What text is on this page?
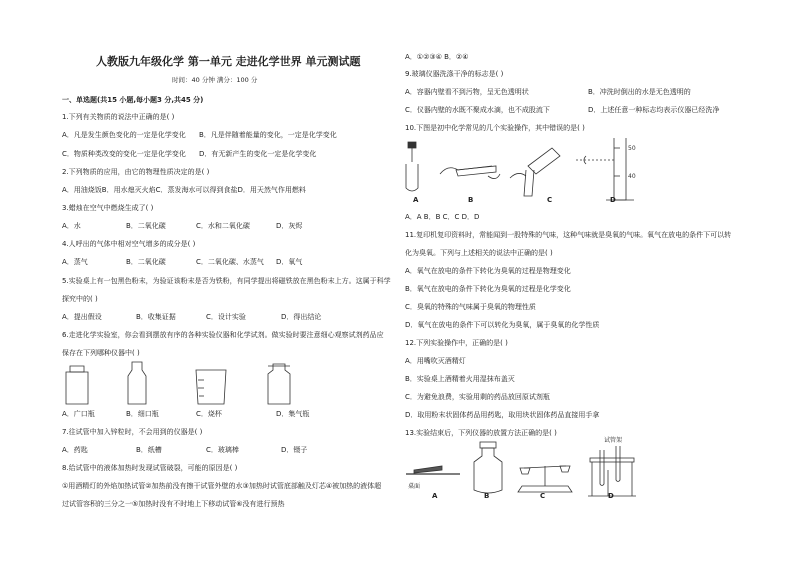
人教版九年级化学 第一单元 走进化学世界 单元测试题
时间：40 分钟 满分：100 分
一、单选题(共15 小题,每小题3 分,共45 分)
1.下列有关物质的说法中正确的是( )
A．凡是发生颜色变化的一定是化学变化 B．凡是伴随着能量的变化，一定是化学变化
C．物质种类改变的变化一定是化学变化 D．有无新产生的变化一定是化学变化
2.下列物质的应用，由它的物理性质决定的是( )
A．用油烧饭B．用水熄灭火焰C．蒸发海水可以得到食盐D．用天然气作用燃料
3.蜡烛在空气中燃烧生成了( )
A．水	B．二氧化碳	C．水和二氧化碳	D．灰烬
4.人呼出的气体中相对空气增多的成分是( )
A．蒸气	B．二氧化碳	C．二氧化碳、水蒸气 D．氧气
5.实验桌上有一包黑色粉末，为验证该粉末是否为铁粉，有同学提出将磁铁放在黑色粉末上方。这属于科学
探究中的( )
A．提出假设	B．收集证据	C．设计实验	D．得出结论
6.走进化学实验室，你会看到摆放有序的各种实验仪器和化学试剂。做实验时要注意细心观察试剂药品应
保存在下列哪种仪器中( )
A．广口瓶	B．细口瓶	C．烧杯	D．集气瓶
7.往试管中加入锌粒时，不会用到的仪器是( )
A．药匙	B．纸槽	C．玻璃棒	D．镊子
8.给试管中的液体加热时发现试管破裂，可能的原因是( )
①用酒精灯的外焰加热试管②加热前没有擦干试管外壁的水③加热时试管底部触及灯芯④被加热的液体超
过试管容积的三分之一⑤加热时没有不时地上下移动试管⑥没有进行预热
A．①②③④ B．②④
9.玻璃仪器洗涤干净的标志是( )
A．容器内壁看不到污物，呈无色透明状	B．冲洗时倒出的水是无色透明的
C．仪器内壁的水既不聚成水滴，也不成股流下	D．上述任意一种标志均表示仪器已经洗净
10.下图是初中化学常见的几个实验操作，其中错误的是( )
50
40
A	B	C	D
A．A B．B C．C D．D
11.复印机复印资料时，常能闻到一股特殊的气味，这种气味就是臭氧的气味。氧气在放电的条件下可以转
化为臭氧。下列与上述相关的说法中正确的是( )
A．氧气在放电的条件下转化为臭氧的过程是物理变化
B．氧气在放电的条件下转化为臭氧的过程是化学变化
C．臭氧的特殊的气味属于臭氧的物理性质
D．氧气在放电的条件下可以转化为臭氧，属于臭氧的化学性质
12.下列实验操作中，正确的是( )
A．用嘴吹灭酒精灯
B．实验桌上酒精着火用湿抹布盖灭
C．为避免浪费，实验用剩的药品放回原试剂瓶
D．取用粉末状固体药品用药匙，取用块状固体药品直接用手拿
13.实验结束后，下列仪器的放置方法正确的是( )
桌面
试管架
A	B	C	D
